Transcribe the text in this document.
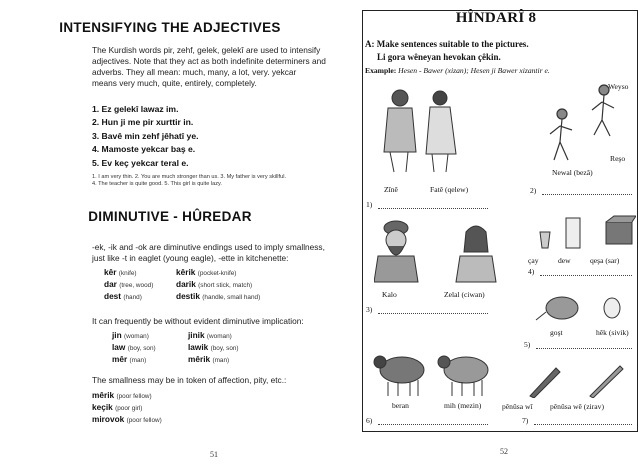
INTENSIFYING THE ADJECTIVES
The Kurdish words pir, zehf, gelek, gelekî are used to intensify
adjectives. Note that they act as both indefinite determiners and
adverbs. They all mean: much, many, a lot, very. yekcar
means very much, quite, entirely, completely.
1. Ez gelekî lawaz im.
2. Hun ji me pir xurttir in.
3. Bavê min zehf jêhatî ye.
4. Mamoste yekcar baş e.
5. Ev keç yekcar teral e.
1. I am very thin. 2. You are much stronger than us. 3. My father is very skillful.
4. The teacher is quite good. 5. This girl is quite lazy.
DIMINUTIVE - HÛREDAR
-ek, -ik and -ok are diminutive endings used to imply smallness,
just like -t in eaglet (young eagle), -ette in kitchenette:
kêr (knife)	kêrik (pocket-knife)
dar (tree, wood)	darik (short stick, match)
dest (hand)	destik (handle, small hand)
It can frequently be without evident diminutive implication:
jin (woman)	jinik (woman)
law (boy, son)	lawik (boy, son)
mêr (man)	mêrik (man)
The smallness may be in token of affection, pity, etc.:
mêrik (poor fellow)
keçik (poor girl)
mirovok (poor fellow)
51
HÎNDARÎ 8
A: Make sentences suitable to the pictures.
Li gora wêneyan hevokan çêkin.
Example: Hesen - Bawer (xizan); Hesen ji Bawer xizantir e.
Zînê	Fatê (qelew)
Weyso
Reşo
Newal (bezâ)
1)
2)
Kalo	Zelal (ciwan)
3)
çay	dew	qeşa (sar)
4)
goşt	hêk (sivik)
5)
beran	mih (mezin)
6)
pênûsa wî pênûsa wê (zirav)
7)
52
